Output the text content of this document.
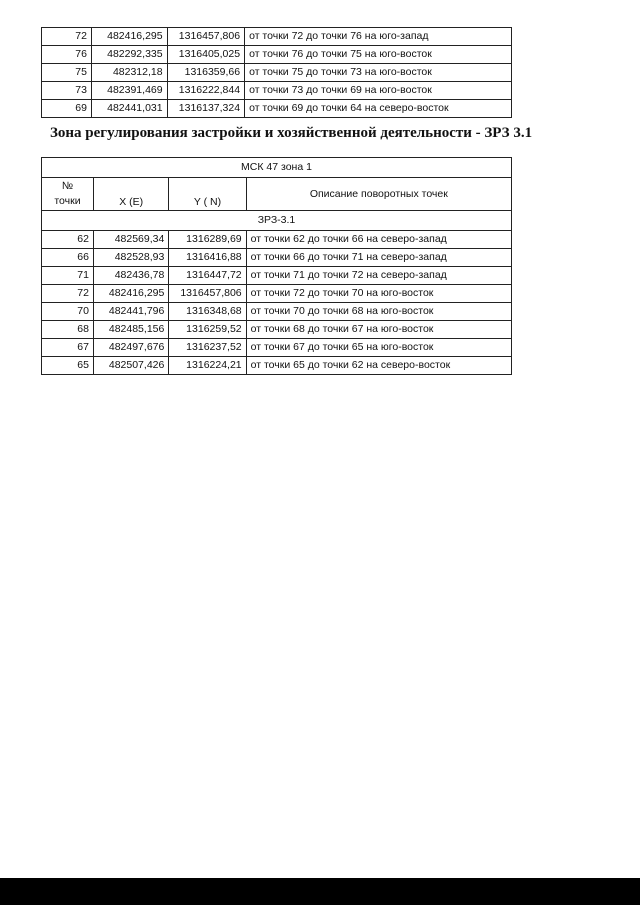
72	482416,295	1316457,806	от точки 72 до точки 76 на юго-запад
76	482292,335	1316405,025	от точки 76 до точки 75 на юго-восток
75	482312,18	1316359,66	от точки 75 до точки 73 на юго-восток
73	482391,469	1316222,844	от точки 73 до точки 69 на юго-восток
69	482441,031	1316137,324	от точки 69 до точки 64 на северо-восток
Зона регулирования застройки и хозяйственной деятельности - ЗРЗ 3.1
МСК 47 зона 1			

№
точки	X (E)	Y ( N)	Описание поворотных точек
ЗРЗ-3.1			
62	482569,34	1316289,69	от точки 62 до точки 66 на северо-запад
66	482528,93	1316416,88	от точки 66 до точки 71 на северо-запад
71	482436,78	1316447,72	от точки 71 до точки 72 на северо-запад
72	482416,295	1316457,806	от точки 72 до точки 70 на юго-восток
70	482441,796	1316348,68	от точки 70 до точки 68 на юго-восток
68	482485,156	1316259,52	от точки 68 до точки 67 на юго-восток
67	482497,676	1316237,52	от точки 67 до точки 65 на юго-восток
65	482507,426	1316224,21	от точки 65 до точки 62 на северо-восток
